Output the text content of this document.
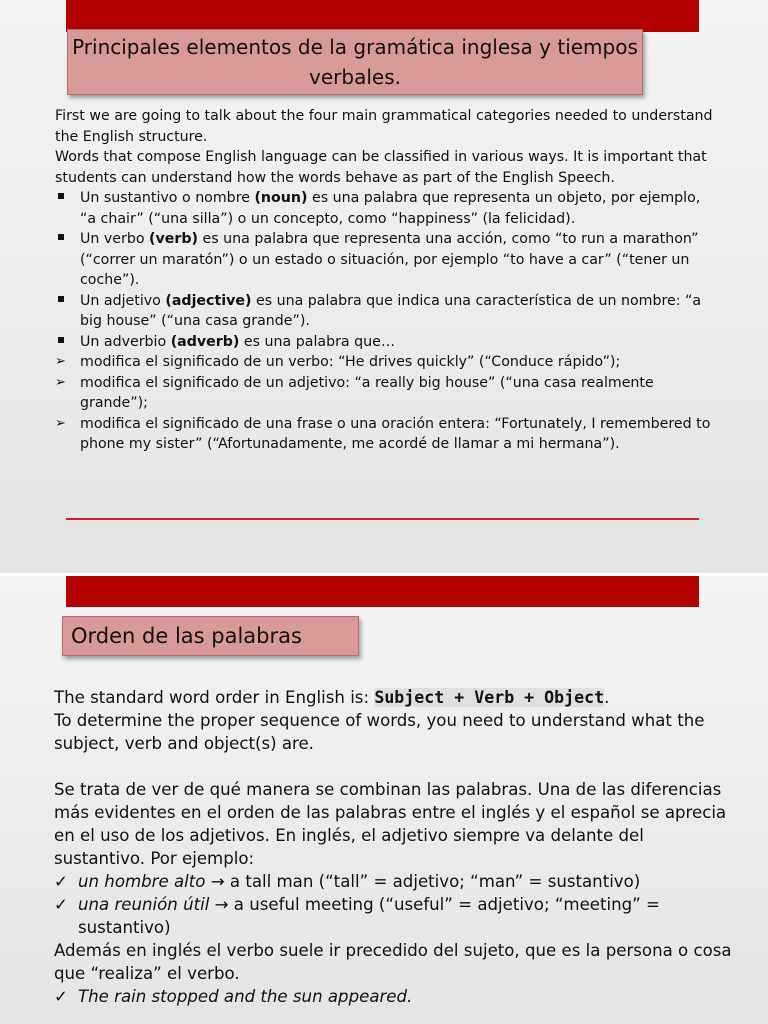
Principales elementos de la gramática inglesa y tiempos verbales.

First we are going to talk about the four main grammatical categories needed to understand the English structure.

Words that compose English language can be classified in various ways. It is important that students can understand how the words behave as part of the English Speech.

Un sustantivo o nombre (noun) es una palabra que representa un objeto, por ejemplo, “a chair” (“una silla”) o un concepto, como “happiness” (la felicidad).
Un verbo (verb) es una palabra que representa una acción, como “to run a marathon” (“correr un maratón”) o un estado o situación, por ejemplo “to have a car” (“tener un coche”).
Un adjetivo (adjective) es una palabra que indica una característica de un nombre: “a big house” (“una casa grande”).
Un adverbio (adverb) es una palabra que…
➢ modifica el significado de un verbo: “He drives quickly” (“Conduce rápido”);
➢ modifica el significado de un adjetivo: “a really big house” (“una casa realmente grande”);
➢ modifica el significado de una frase o una oración entera: “Fortunately, I remembered to phone my sister” (“Afortunadamente, me acordé de llamar a mi hermana”).
Orden de las palabras

The standard word order in English is: Subject + Verb + Object.

To determine the proper sequence of words, you need to understand what the subject, verb and object(s) are.

Se trata de ver de qué manera se combinan las palabras. Una de las diferencias más evidentes en el orden de las palabras entre el inglés y el español se aprecia en el uso de los adjetivos. En inglés, el adjetivo siempre va delante del sustantivo. Por ejemplo:

✓ un hombre alto → a tall man (“tall” = adjetivo; “man” = sustantivo)
✓ una reunión útil → a useful meeting (“useful” = adjetivo; “meeting” = sustantivo)

Además en inglés el verbo suele ir precedido del sujeto, que es la persona o cosa que “realiza” el verbo.

✓ The rain stopped and the sun appeared.
